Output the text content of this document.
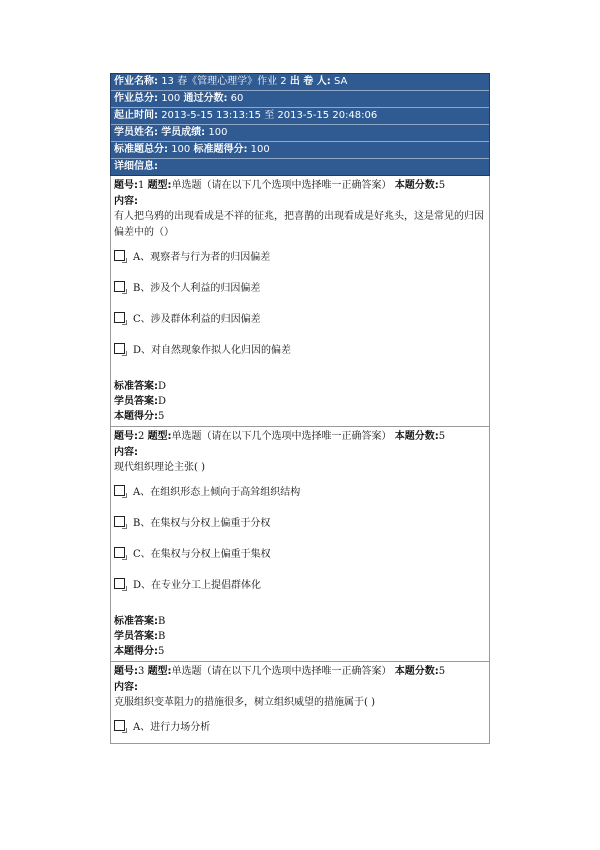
作业名称: 13 春《管理心理学》作业 2 出 卷 人: SA
作业总分: 100 通过分数: 60
起止时间: 2013-5-15 13:13:15 至 2013-5-15 20:48:06
学员姓名: 学员成绩: 100
标准题总分: 100 标准题得分: 100
详细信息:
题号:1 题型:单选题（请在以下几个选项中选择唯一正确答案） 本题分数:5
内容:
有人把乌鸦的出现看成是不祥的征兆，把喜鹊的出现看成是好兆头，这是常见的归因偏差中的（）
A、观察者与行为者的归因偏差
B、涉及个人利益的归因偏差
C、涉及群体利益的归因偏差
D、对自然现象作拟人化归因的偏差
标准答案:D
学员答案:D
本题得分:5
题号:2 题型:单选题（请在以下几个选项中选择唯一正确答案） 本题分数:5
内容:
现代组织理论主张( )
A、在组织形态上倾向于高耸组织结构
B、在集权与分权上偏重于分权
C、在集权与分权上偏重于集权
D、在专业分工上提倡群体化
标准答案:B
学员答案:B
本题得分:5
题号:3 题型:单选题（请在以下几个选项中选择唯一正确答案） 本题分数:5
内容:
克服组织变革阻力的措施很多，树立组织威望的措施属于( )
A、进行力场分析
